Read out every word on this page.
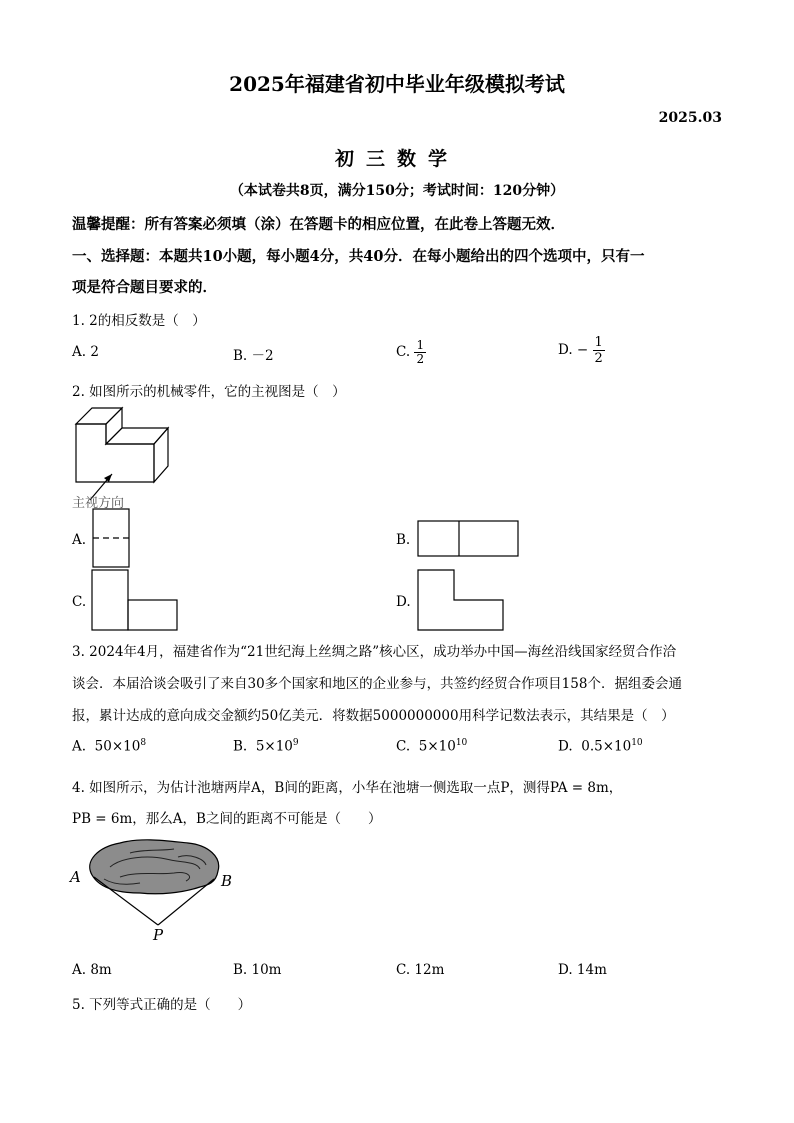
2025年福建省初中毕业年级模拟考试
2025.03
初三数学
（本试卷共8页，满分150分；考试时间：120分钟）
温馨提醒：所有答案必须填（涂）在答题卡的相应位置，在此卷上答题无效．
一、选择题：本题共10小题，每小题4分，共40分．在每小题给出的四个选项中，只有一
项是符合题目要求的．
1. 2的相反数是（　）
A. 2	B. －2	C. $\frac{1}{2}$	D. − $\frac{1}{2}$
2. 如图所示的机械零件，它的主视图是（　）
主视方向
A.	B.
C.	D.
3. 2024年4月，福建省作为“21世纪海上丝绸之路”核心区，成功举办中国—海丝沿线国家经贸合作洽
谈会．本届洽谈会吸引了来自30多个国家和地区的企业参与，共签约经贸合作项目158个．据组委会通
报，累计达成的意向成交金额约50亿美元．将数据5000000000用科学记数法表示，其结果是（　）
A. $50\times 10^8$	B. $5\times 10^9$	C. $5\times 10^{10}$	D. $0.5\times 10^{10}$
4. 如图所示，为估计池塘两岸A，B间的距离，小华在池塘一侧选取一点P，测得PA = 8m，
PB = 6m，那么A，B之间的距离不可能是（　　）
A	B
P
A. 8m	B. 10m	C. 12m	D. 14m
5. 下列等式正确的是（　　）
